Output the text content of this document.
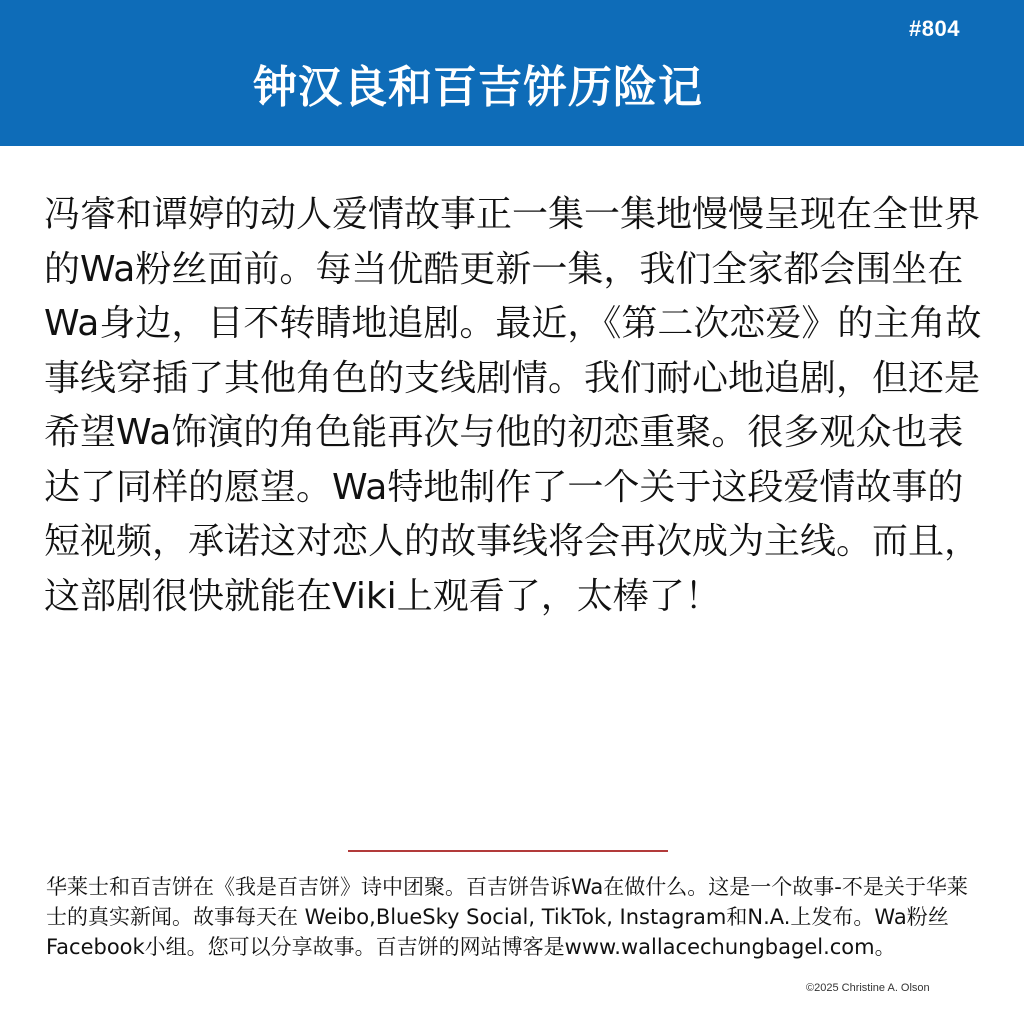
#804
钟汉良和百吉饼历险记

冯睿和谭婷的动人爱情故事正一集一集地慢慢呈现在全世界的Wa粉丝面前。每当优酷更新一集，我们全家都会围坐在Wa身边，目不转睛地追剧。最近，《第二次恋爱》的主角故事线穿插了其他角色的支线剧情。我们耐心地追剧，但还是希望Wa饰演的角色能再次与他的初恋重聚。很多观众也表达了同样的愿望。Wa特地制作了一个关于这段爱情故事的短视频，承诺这对恋人的故事线将会再次成为主线。而且，这部剧很快就能在Viki上观看了，太棒了！

华莱士和百吉饼在《我是百吉饼》诗中团聚。百吉饼告诉Wa在做什么。这是一个故事-不是关于华莱士的真实新闻。故事每天在 Weibo,BlueSky Social, TikTok, Instagram和N.A.上发布。Wa粉丝Facebook小组。您可以分享故事。百吉饼的网站博客是www.wallacechungbagel.com。

©2025 Christine A. Olson
